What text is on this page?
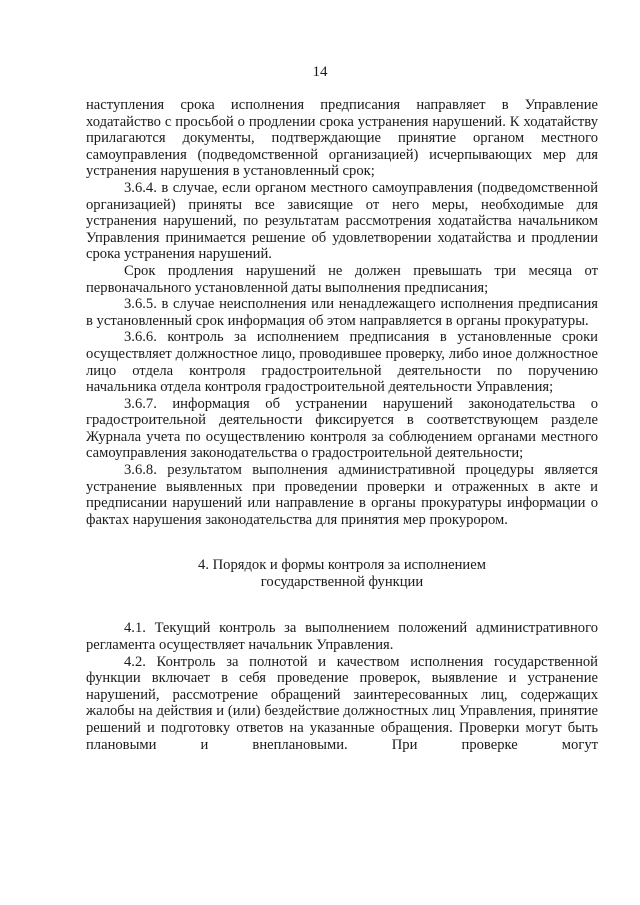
14

наступления срока исполнения предписания направляет в Управление ходатайство с просьбой о продлении срока устранения нарушений. К ходатайству прилагаются документы, подтверждающие принятие органом местного самоуправления (подведомственной организацией) исчерпывающих мер для устранения нарушения в установленный срок;

3.6.4. в случае, если органом местного самоуправления (подведомственной организацией) приняты все зависящие от него меры, необходимые для устранения нарушений, по результатам рассмотрения ходатайства начальником Управления принимается решение об удовлетворении ходатайства и продлении срока устранения нарушений.

Срок продления нарушений не должен превышать три месяца от первоначального установленной даты выполнения предписания;

3.6.5. в случае неисполнения или ненадлежащего исполнения предписания в установленный срок информация об этом направляется в органы прокуратуры.

3.6.6. контроль за исполнением предписания в установленные сроки осуществляет должностное лицо, проводившее проверку, либо иное должностное лицо отдела контроля градостроительной деятельности по поручению начальника отдела контроля градостроительной деятельности Управления;

3.6.7. информация об устранении нарушений законодательства о градостроительной деятельности фиксируется в соответствующем разделе Журнала учета по осуществлению контроля за соблюдением органами местного самоуправления законодательства о градостроительной деятельности;

3.6.8. результатом выполнения административной процедуры является устранение выявленных при проведении проверки и отраженных в акте и предписании нарушений или направление в органы прокуратуры информации о фактах нарушения законодательства для принятия мер прокурором.

4. Порядок и формы контроля за исполнением
государственной функции

4.1. Текущий контроль за выполнением положений административного регламента осуществляет начальник Управления.

4.2. Контроль за полнотой и качеством исполнения государственной функции включает в себя проведение проверок, выявление и устранение нарушений, рассмотрение обращений заинтересованных лиц, содержащих жалобы на действия и (или) бездействие должностных лиц Управления, принятие решений и подготовку ответов на указанные обращения. Проверки могут быть плановыми и внеплановыми. При проверке могут
